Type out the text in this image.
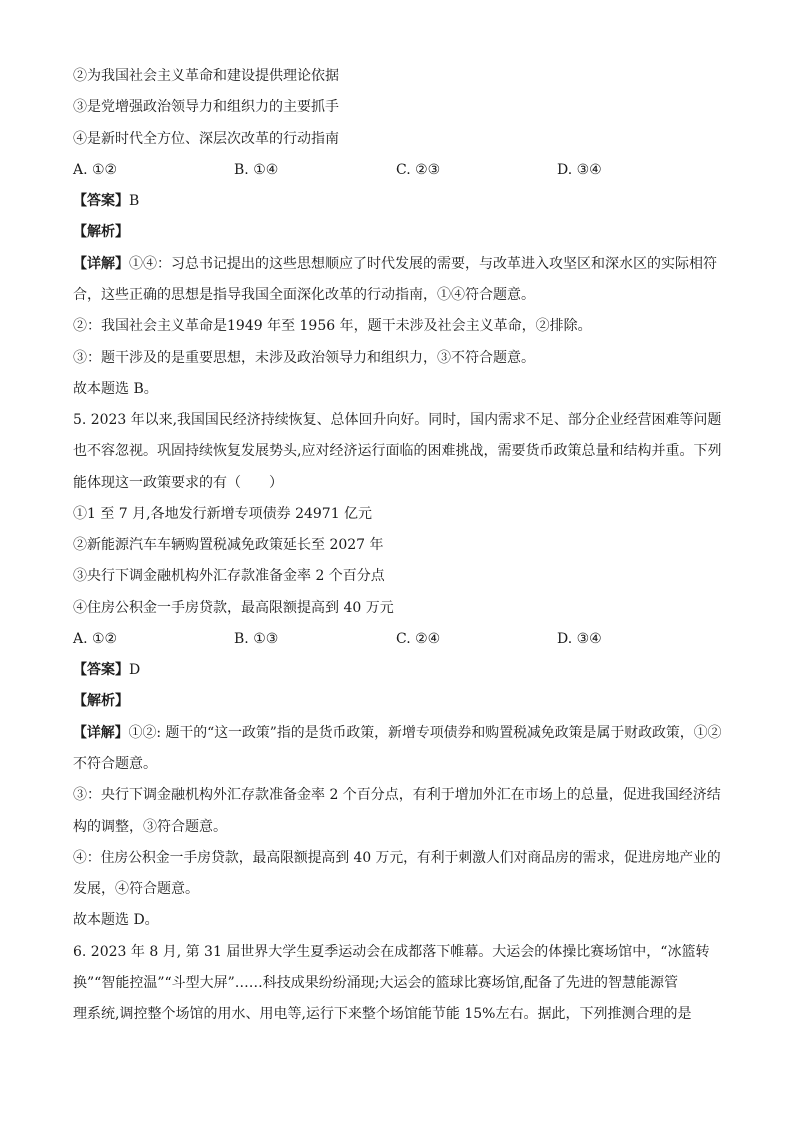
②为我国社会主义革命和建设提供理论依据
③是党增强政治领导力和组织力的主要抓手
④是新时代全方位、深层次改革的行动指南
A. ①②	B. ①④	C. ②③	D. ③④
【答案】B
【解析】
【详解】①④：习总书记提出的这些思想顺应了时代发展的需要，与改革进入攻坚区和深水区的实际相符
合，这些正确的思想是指导我国全面深化改革的行动指南，①④符合题意。
②：我国社会主义革命是1949 年至 1956 年，题干未涉及社会主义革命，②排除。
③：题干涉及的是重要思想，未涉及政治领导力和组织力，③不符合题意。
故本题选 B。
5. 2023 年以来,我国国民经济持续恢复、总体回升向好。同时，国内需求不足、部分企业经营困难等问题
也不容忽视。巩固持续恢复发展势头,应对经济运行面临的困难挑战，需要货币政策总量和结构并重。下列
能体现这一政策要求的有（　　）
①1 至 7 月,各地发行新增专项债券 24971 亿元
②新能源汽车车辆购置税减免政策延长至 2027 年
③央行下调金融机构外汇存款准备金率 2 个百分点
④住房公积金一手房贷款，最高限额提高到 40 万元
A. ①②	B. ①③	C. ②④	D. ③④
【答案】D
【解析】
【详解】①②: 题干的“这一政策”指的是货币政策，新增专项债券和购置税减免政策是属于财政政策，①②
不符合题意。
③：央行下调金融机构外汇存款准备金率 2 个百分点，有利于增加外汇在市场上的总量，促进我国经济结
构的调整，③符合题意。
④：住房公积金一手房贷款，最高限额提高到 40 万元，有利于刺激人们对商品房的需求，促进房地产业的
发展，④符合题意。
故本题选 D。
6. 2023 年 8 月, 第 31 届世界大学生夏季运动会在成都落下帷幕。大运会的体操比赛场馆中，“冰篮转
换”“智能控温”“斗型大屏”……科技成果纷纷涌现;大运会的篮球比赛场馆,配备了先进的智慧能源管
理系统,调控整个场馆的用水、用电等,运行下来整个场馆能节能 15%左右。据此，下列推测合理的是
